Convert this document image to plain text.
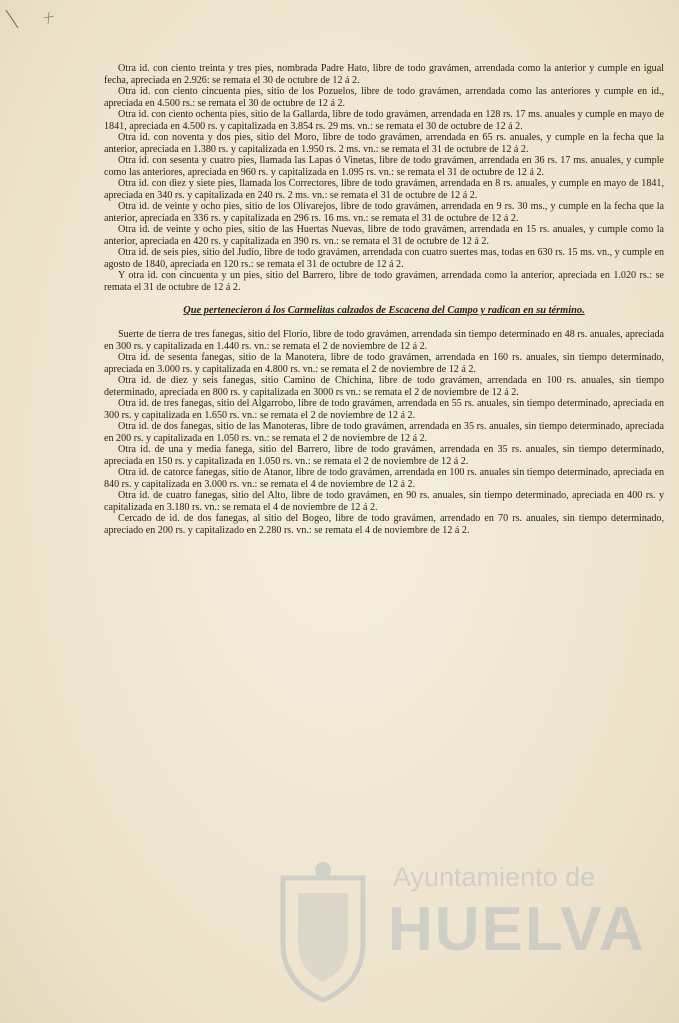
Otra id. con ciento treinta y tres pies, nombrada Padre Hato, libre de todo gravámen, arrendada como la anterior y cumple en igual fecha, apreciada en 2.926: se remata el 30 de octubre de 12 á 2.

Otra id. con ciento cincuenta pies, sitio de los Pozuelos, libre de todo gravámen, arrendada como las anteriores y cumple en id., apreciada en 4.500 rs.: se remata el 30 de octubre de 12 á 2.

Otra id. con ciento ochenta pies, sitio de la Gallarda, libre de todo gravámen, arrendada en 128 rs. 17 ms. anuales y cumple en mayo de 1841, apreciada en 4.500 rs. y capitalizada en 3.854 rs. 29 ms. vn.: se remata el 30 de octubre de 12 á 2.

Otra id. con noventa y dos pies, sitio del Moro, libre de todo gravámen, arrendada en 65 rs. anuales, y cumple en la fecha que la anterior, apreciada en 1.380 rs. y capitalizada en 1.950 rs. 2 ms. vn.: se remata el 31 de octubre de 12 á 2.

Otra id. con sesenta y cuatro pies, llamada las Lapas ó Vinetas, libre de todo gravámen, arrendada en 36 rs. 17 ms. anuales, y cumple como las anteriores, apreciada en 960 rs. y capitalizada en 1.095 rs. vn.: se remata el 31 de octubre de 12 á 2.

Otra id. con diez y siete pies, llamada los Correctores, libre de todo gravámen, arrendada en 8 rs. anuales, y cumple en mayo de 1841, apreciada en 340 rs. y capitalizada en 240 rs. 2 ms. vn.: se remata el 31 de octubre de 12 á 2.

Otra id. de veinte y ocho pies, sitio de los Olivarejos, libre de todo gravámen, arrendada en 9 rs. 30 ms., y cumple en la fecha que la anterior, apreciada en 336 rs. y capitalizada en 296 rs. 16 ms. vn.: se remata el 31 de octubre de 12 á 2.

Otra id. de veinte y ocho pies, sitio de las Huertas Nuevas, libre de todo gravámen, arrendada en 15 rs. anuales, y cumple como la anterior, apreciada en 420 rs. y capitalizada en 390 rs. vn.: se remata el 31 de octubre de 12 á 2.

Otra id. de seis pies, sitio del Judío, libre de todo gravámen, arrendada con cuatro suertes mas, todas en 630 rs. 15 ms. vn., y cumple en agosto de 1840, apreciada en 120 rs.: se remata el 31 de octubre de 12 á 2.

Y otra id. con cincuenta y un pies, sitio del Barrero, libre de todo gravámen, arrendada como la anterior, apreciada en 1.020 rs.: se remata el 31 de octubre de 12 á 2.

Que pertenecieron á los Carmelitas calzados de Escacena del Campo y radican en su término.

Suerte de tierra de tres fanegas, sitio del Florio, libre de todo gravámen, arrendada sin tiempo determinado en 48 rs. anuales, apreciada en 300 rs. y capitalizada en 1.440 rs. vn.: se remata el 2 de noviembre de 12 á 2.

Otra id. de sesenta fanegas, sitio de la Manotera, libre de todo gravámen, arrendada en 160 rs. anuales, sin tiempo determinado, apreciada en 3.000 rs. y capitalizada en 4.800 rs. vn.: se remata el 2 de noviembre de 12 á 2.

Otra id. de diez y seis fanegas, sitio Camino de Chichina, libre de todo gravámen, arrendada en 100 rs. anuales, sin tiempo determinado, apreciada en 800 rs. y capitalizada en 3000 rs vn.: se remata el 2 de noviembre de 12 á 2.

Otra id. de tres fanegas, sitio del Algarrobo, libre de todo gravámen, arrendada en 55 rs. anuales, sin tiempo determinado, apreciada en 300 rs. y capitalizada en 1.650 rs. vn.: se remata el 2 de noviembre de 12 á 2.

Otra id. de dos fanegas, sitio de las Manoteras, libre de todo gravámen, arrendada en 35 rs. anuales, sin tiempo determinado, apreciada en 200 rs. y capitalizada en 1.050 rs. vn.: se remata el 2 de noviembre de 12 á 2.

Otra id. de una y media fanega, sitio del Barrero, libre de todo gravámen, arrendada en 35 rs. anuales, sin tiempo determinado, apreciada en 150 rs. y capitalizada en 1.050 rs. vn.: se remata el 2 de noviembre de 12 á 2.

Otra id. de catorce fanegas, sitio de Atanor, libre de todo gravámen, arrendada en 100 rs. anuales sin tiempo determinado, apreciada en 840 rs. y capitalizada en 3.000 rs. vn.: se remata el 4 de noviembre de 12 á 2.

Otra id. de cuatro fanegas, sitio del Alto, libre de todo gravámen, en 90 rs. anuales, sin tiempo determinado, apreciada en 400 rs. y capitalizada en 3.180 rs. vn.: se remata el 4 de noviembre de 12 á 2.

Cercado de id. de dos fanegas, al sitio del Bogeo, libre de todo gravámen, arrendado en 70 rs. anuales, sin tiempo determinado, apreciado en 200 rs. y capitalizado en 2.280 rs. vn.: se remata el 4 de noviembre de 12 á 2.

Ayuntamiento de
HUELVA
